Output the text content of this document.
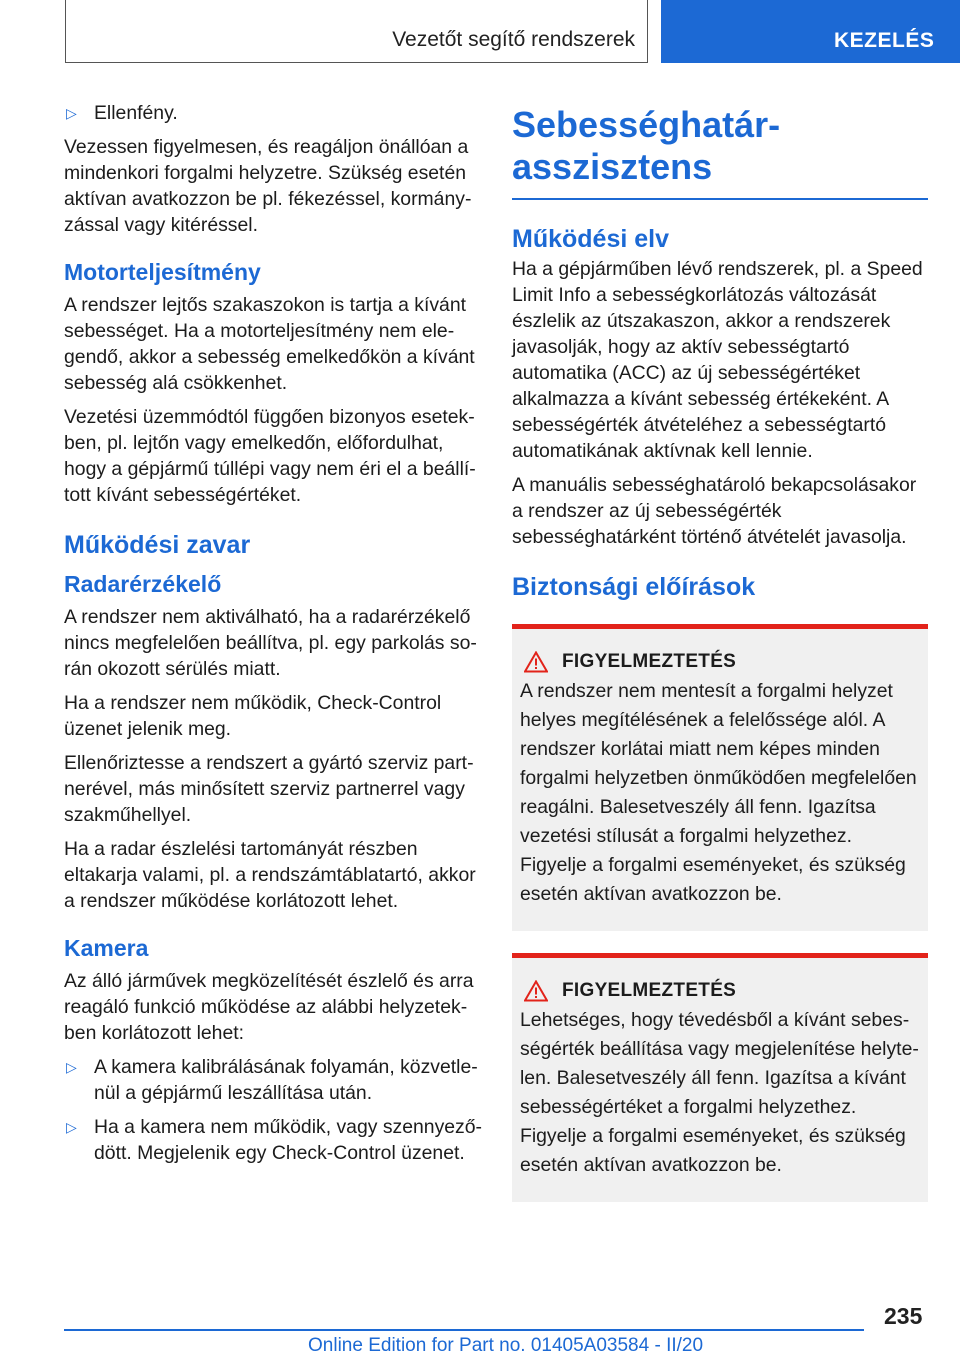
Vezetőt segítő rendszerek	KEZELÉS
▷ Ellenfény.

Vezessen figyelmesen, és reagáljon önállóan a mindenkori forgalmi helyzetre. Szükség esetén aktívan avatkozzon be pl. fékezéssel, kormányzással vagy kitéréssel.

Motorteljesítmény

A rendszer lejtős szakaszokon is tartja a kívánt sebességet. Ha a motorteljesítmény nem elegendő, akkor a sebesség emelkedőkön a kívánt sebesség alá csökkenhet.

Vezetési üzemmódtól függően bizonyos esetekben, pl. lejtőn vagy emelkedőn, előfordulhat, hogy a gépjármű túllépi vagy nem éri el a beállított kívánt sebességértéket.

Működési zavar
Radarérzékelő

A rendszer nem aktiválható, ha a radarérzékelő nincs megfelelően beállítva, pl. egy parkolás során okozott sérülés miatt.

Ha a rendszer nem működik, Check-Control üzenet jelenik meg.

Ellenőriztesse a rendszert a gyártó szerviz partnerével, más minősített szerviz partnerrel vagy szakműhellyel.

Ha a radar észlelési tartományát részben eltakarja valami, pl. a rendszámtáblatartó, akkor a rendszer működése korlátozott lehet.

Kamera

Az álló járművek megközelítését észlelő és arra reagáló funkció működése az alábbi helyzetekben korlátozott lehet:

▷ A kamera kalibrálásának folyamán, közvetlenül a gépjármű leszállítása után.
▷ Ha a kamera nem működik, vagy szennyeződött. Megjelenik egy Check-Control üzenet.
Sebességhatárasszisztens
Működési elv

Ha a gépjárműben lévő rendszerek, pl. a Speed Limit Info a sebességkorlátozás változását észlelik az útszakaszon, akkor a rendszerek javasolják, hogy az aktív sebességtartó automatika (ACC) az új sebességértéket alkalmazza a kívánt sebesség értékeként. A sebességérték átvételéhez a sebességtartó automatikának aktívnak kell lennie.

A manuális sebességhatároló bekapcsolásakor a rendszer az új sebességérték sebességhatárként történő átvételét javasolja.

Biztonsági előírások
FIGYELMEZTETÉS

A rendszer nem mentesít a forgalmi helyzet helyes megítélésének a felelőssége alól. A rendszer korlátai miatt nem képes minden forgalmi helyzetben önműködően megfelelően reagálni. Balesetveszély áll fenn. Igazítsa vezetési stílusát a forgalmi helyzethez. Figyelje a forgalmi eseményeket, és szükség esetén aktívan avatkozzon be.

FIGYELMEZTETÉS

Lehetséges, hogy tévedésből a kívánt sebességérték beállítása vagy megjelenítése helytelen. Balesetveszély áll fenn. Igazítsa a kívánt sebességértéket a forgalmi helyzethez. Figyelje a forgalmi eseményeket, és szükség esetén aktívan avatkozzon be.

235
Online Edition for Part no. 01405A03584 - II/20
